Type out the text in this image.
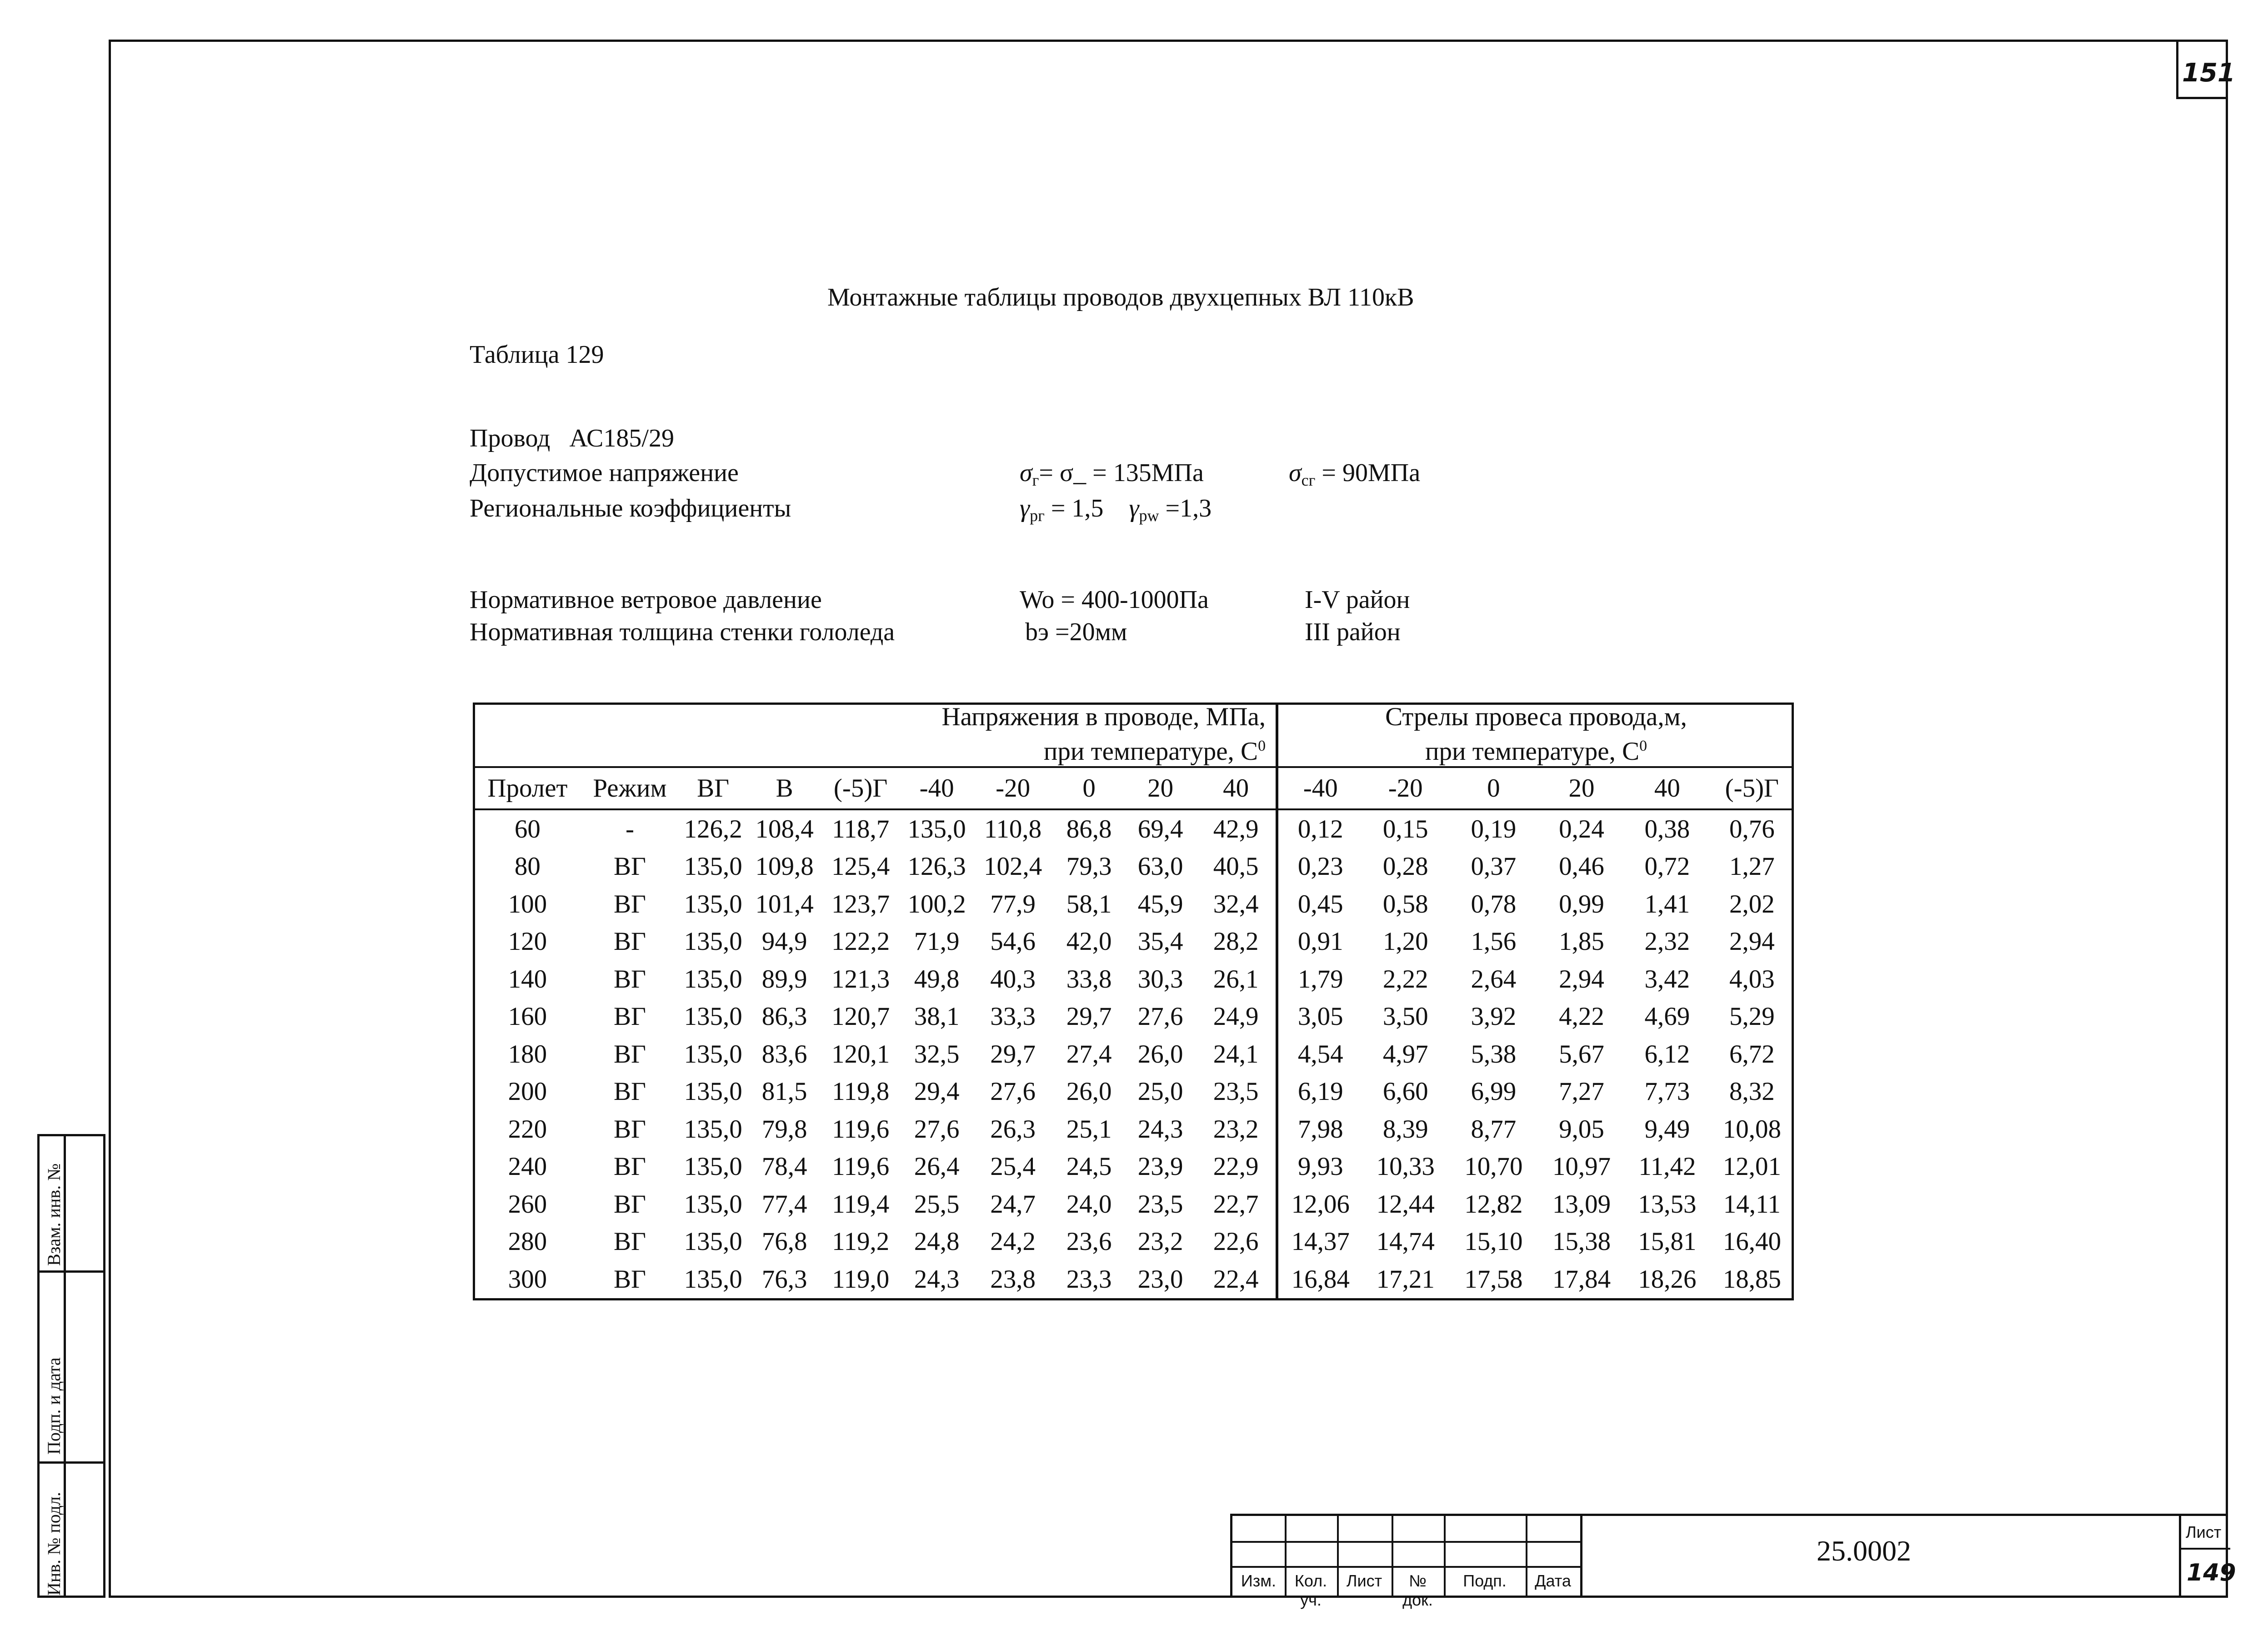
151
Монтажные таблицы проводов двухцепных ВЛ 110кВ
Таблица 129
Провод АС185/29
Допустимое напряжение	$\sigma_г=$ σ_ = 135МПа	$\sigma_{сг} = 90МПа$
Региональные коэффициенты	$\gamma_{рг} = 1,5$ $\gamma_{pw} =1,3$
Нормативное ветровое давление	Wo = 400-1000Па	I-V район
Нормативная толщина стенки гололеда	bэ =20мм	III район
Напряжения в проводе, МПа,
при температуре, $С^0$										Стрелы провеса провода,м,
при температуре, $С^0$
Пролет	Режим	ВГ	В	(-5)Г	-40	-20	0	20	40	-40	-20	0	20	40	(-5)Г
60	-	126,2	108,4	118,7	135,0	110,8	86,8	69,4	42,9	0,12	0,15	0,19	0,24	0,38	0,76
80	ВГ	135,0	109,8	125,4	126,3	102,4	79,3	63,0	40,5	0,23	0,28	0,37	0,46	0,72	1,27
100	ВГ	135,0	101,4	123,7	100,2	77,9	58,1	45,9	32,4	0,45	0,58	0,78	0,99	1,41	2,02
120	ВГ	135,0	94,9	122,2	71,9	54,6	42,0	35,4	28,2	0,91	1,20	1,56	1,85	2,32	2,94
140	ВГ	135,0	89,9	121,3	49,8	40,3	33,8	30,3	26,1	1,79	2,22	2,64	2,94	3,42	4,03
160	ВГ	135,0	86,3	120,7	38,1	33,3	29,7	27,6	24,9	3,05	3,50	3,92	4,22	4,69	5,29
180	ВГ	135,0	83,6	120,1	32,5	29,7	27,4	26,0	24,1	4,54	4,97	5,38	5,67	6,12	6,72
200	ВГ	135,0	81,5	119,8	29,4	27,6	26,0	25,0	23,5	6,19	6,60	6,99	7,27	7,73	8,32
220	ВГ	135,0	79,8	119,6	27,6	26,3	25,1	24,3	23,2	7,98	8,39	8,77	9,05	9,49	10,08
240	ВГ	135,0	78,4	119,6	26,4	25,4	24,5	23,9	22,9	9,93	10,33	10,70	10,97	11,42	12,01
260	ВГ	135,0	77,4	119,4	25,5	24,7	24,0	23,5	22,7	12,06	12,44	12,82	13,09	13,53	14,11
280	ВГ	135,0	76,8	119,2	24,8	24,2	23,6	23,2	22,6	14,37	14,74	15,10	15,38	15,81	16,40
300	ВГ	135,0	76,3	119,0	24,3	23,8	23,3	23,0	22,4	16,84	17,21	17,58	17,84	18,26	18,85
Взам. инв. №
Подп. и дата
Инв. № подл.	Изм.	Кол. уч.
Лист	№ док.
Подп.	Дата
25.0002
Лист
149
